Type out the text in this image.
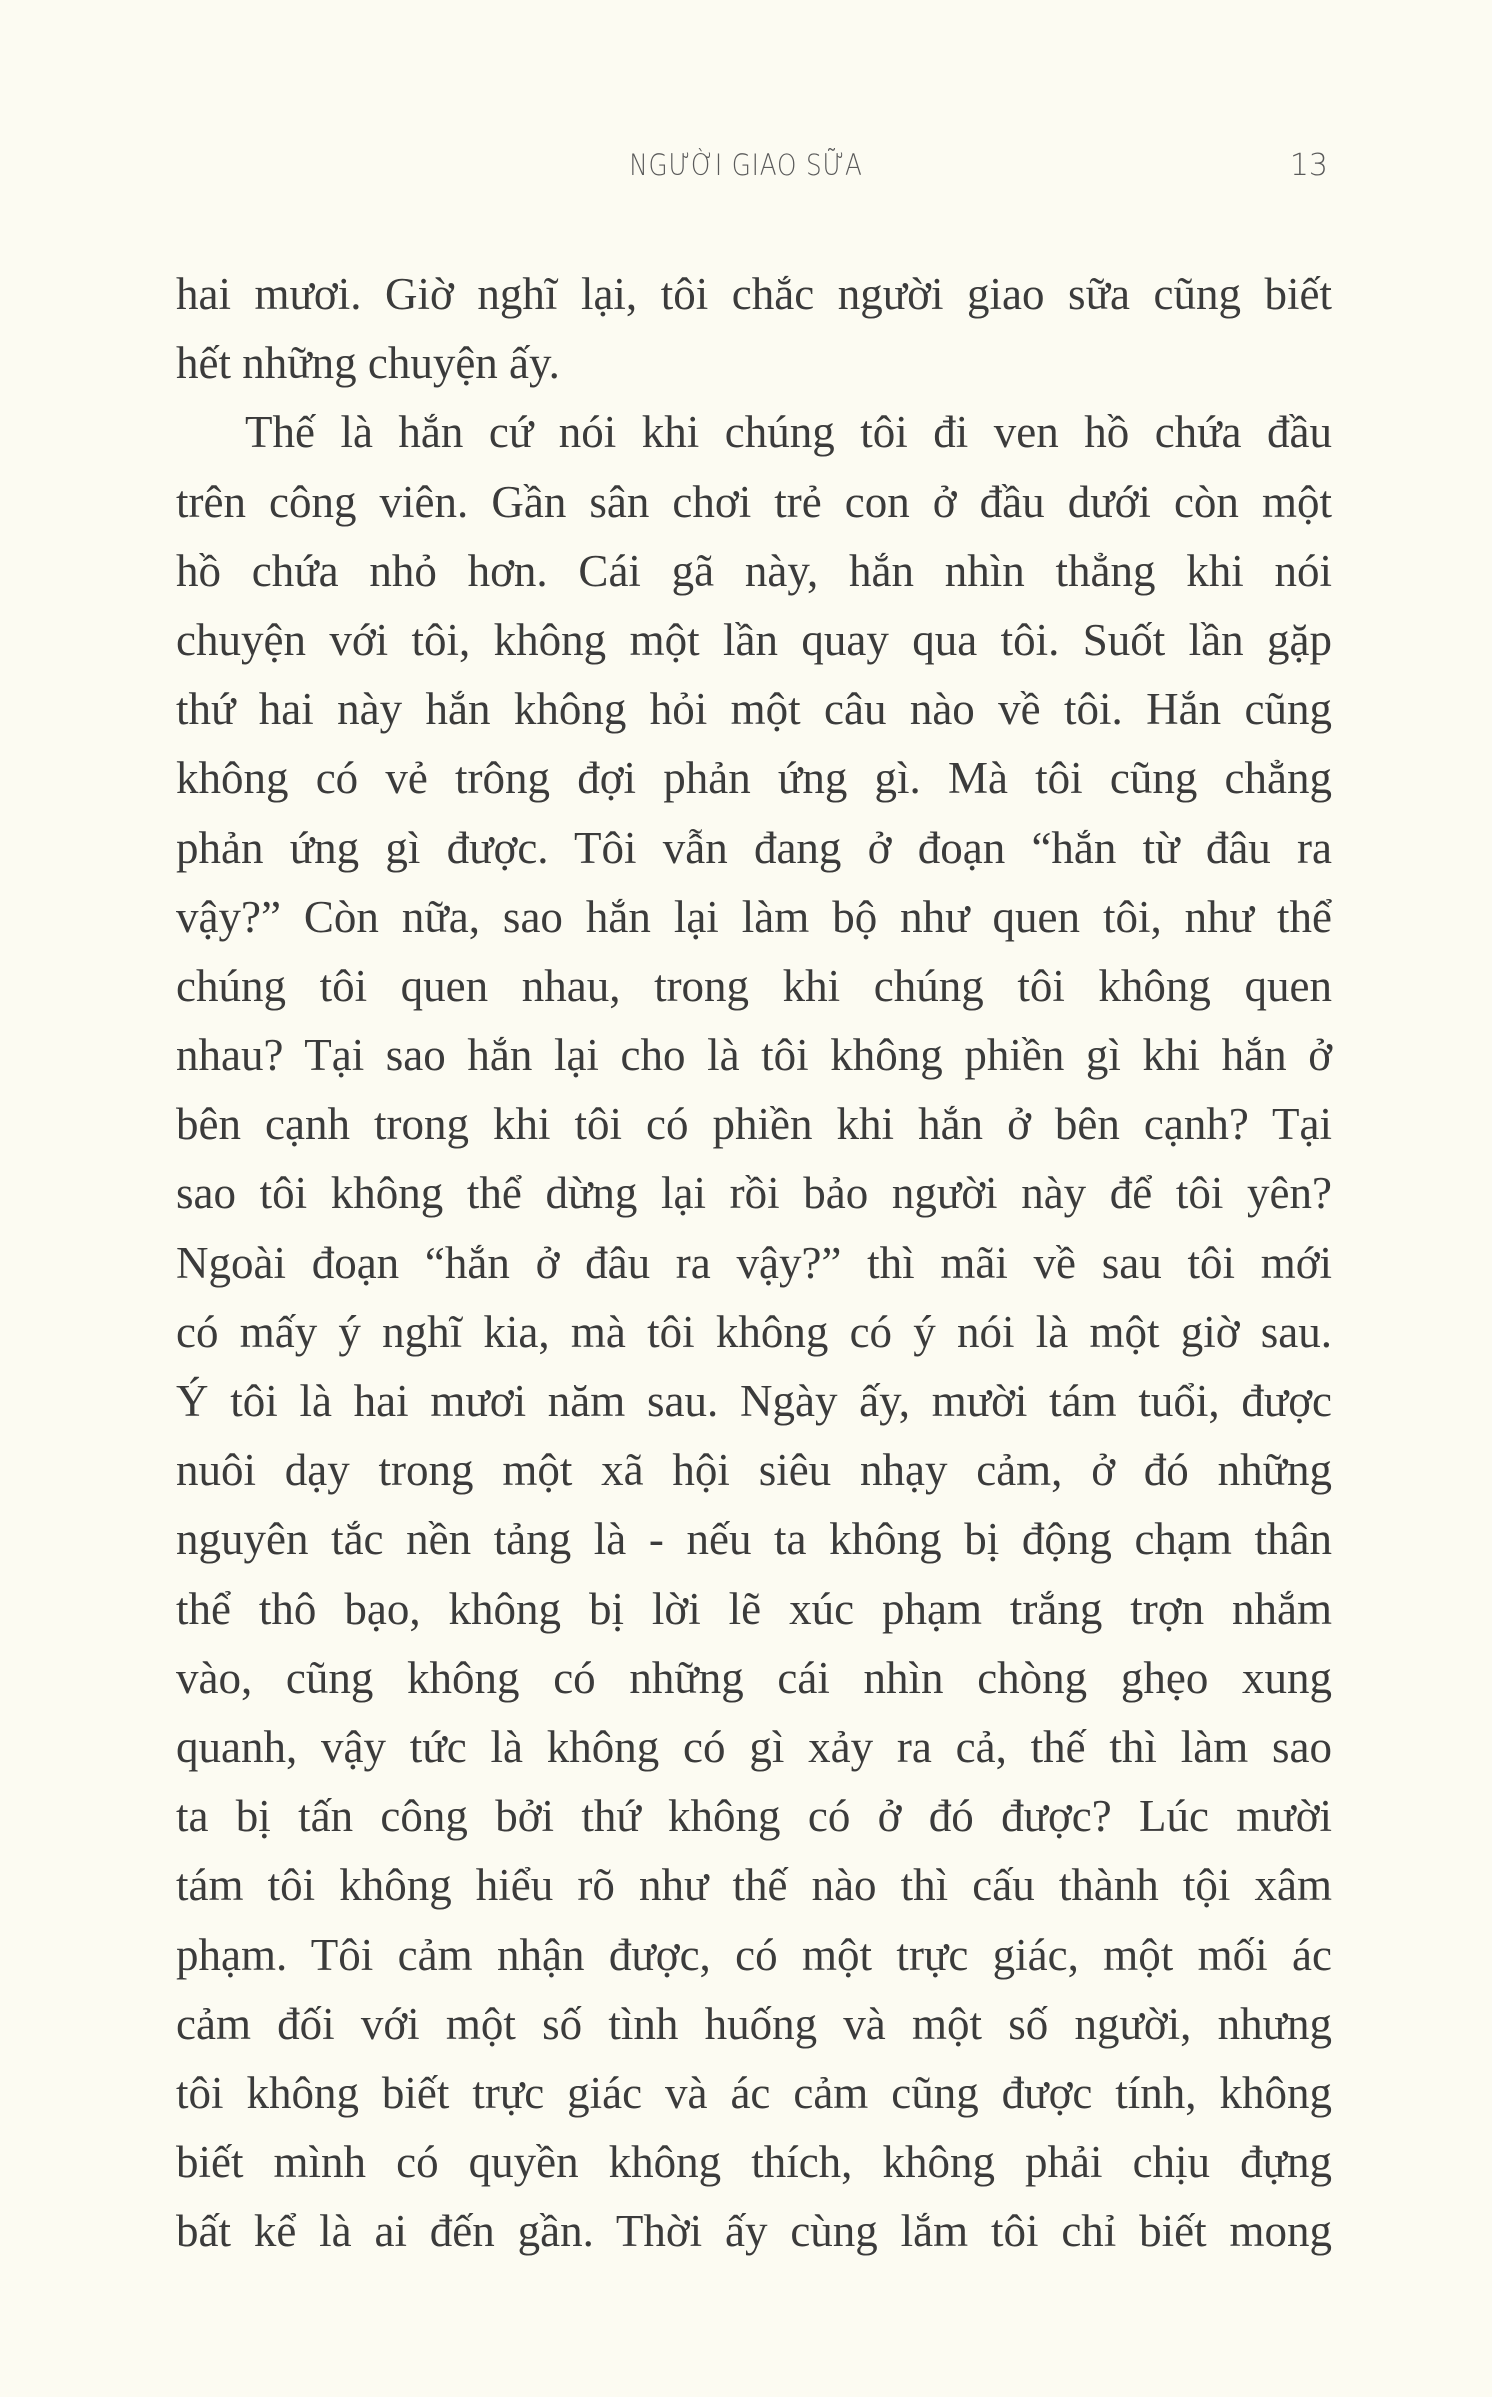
NGƯỜI GIAO SỮA	13
hai mươi. Giờ nghĩ lại, tôi chắc người giao sữa cũng biết
hết những chuyện ấy.
Thế là hắn cứ nói khi chúng tôi đi ven hồ chứa đầu
trên công viên. Gần sân chơi trẻ con ở đầu dưới còn một
hồ chứa nhỏ hơn. Cái gã này, hắn nhìn thẳng khi nói
chuyện với tôi, không một lần quay qua tôi. Suốt lần gặp
thứ hai này hắn không hỏi một câu nào về tôi. Hắn cũng
không có vẻ trông đợi phản ứng gì. Mà tôi cũng chẳng
phản ứng gì được. Tôi vẫn đang ở đoạn “hắn từ đâu ra
vậy?” Còn nữa, sao hắn lại làm bộ như quen tôi, như thể
chúng tôi quen nhau, trong khi chúng tôi không quen
nhau? Tại sao hắn lại cho là tôi không phiền gì khi hắn ở
bên cạnh trong khi tôi có phiền khi hắn ở bên cạnh? Tại
sao tôi không thể dừng lại rồi bảo người này để tôi yên?
Ngoài đoạn “hắn ở đâu ra vậy?” thì mãi về sau tôi mới
có mấy ý nghĩ kia, mà tôi không có ý nói là một giờ sau.
Ý tôi là hai mươi năm sau. Ngày ấy, mười tám tuổi, được
nuôi dạy trong một xã hội siêu nhạy cảm, ở đó những
nguyên tắc nền tảng là - nếu ta không bị động chạm thân
thể thô bạo, không bị lời lẽ xúc phạm trắng trợn nhắm
vào, cũng không có những cái nhìn chòng ghẹo xung
quanh, vậy tức là không có gì xảy ra cả, thế thì làm sao
ta bị tấn công bởi thứ không có ở đó được? Lúc mười
tám tôi không hiểu rõ như thế nào thì cấu thành tội xâm
phạm. Tôi cảm nhận được, có một trực giác, một mối ác
cảm đối với một số tình huống và một số người, nhưng
tôi không biết trực giác và ác cảm cũng được tính, không
biết mình có quyền không thích, không phải chịu đựng
bất kể là ai đến gần. Thời ấy cùng lắm tôi chỉ biết mong
